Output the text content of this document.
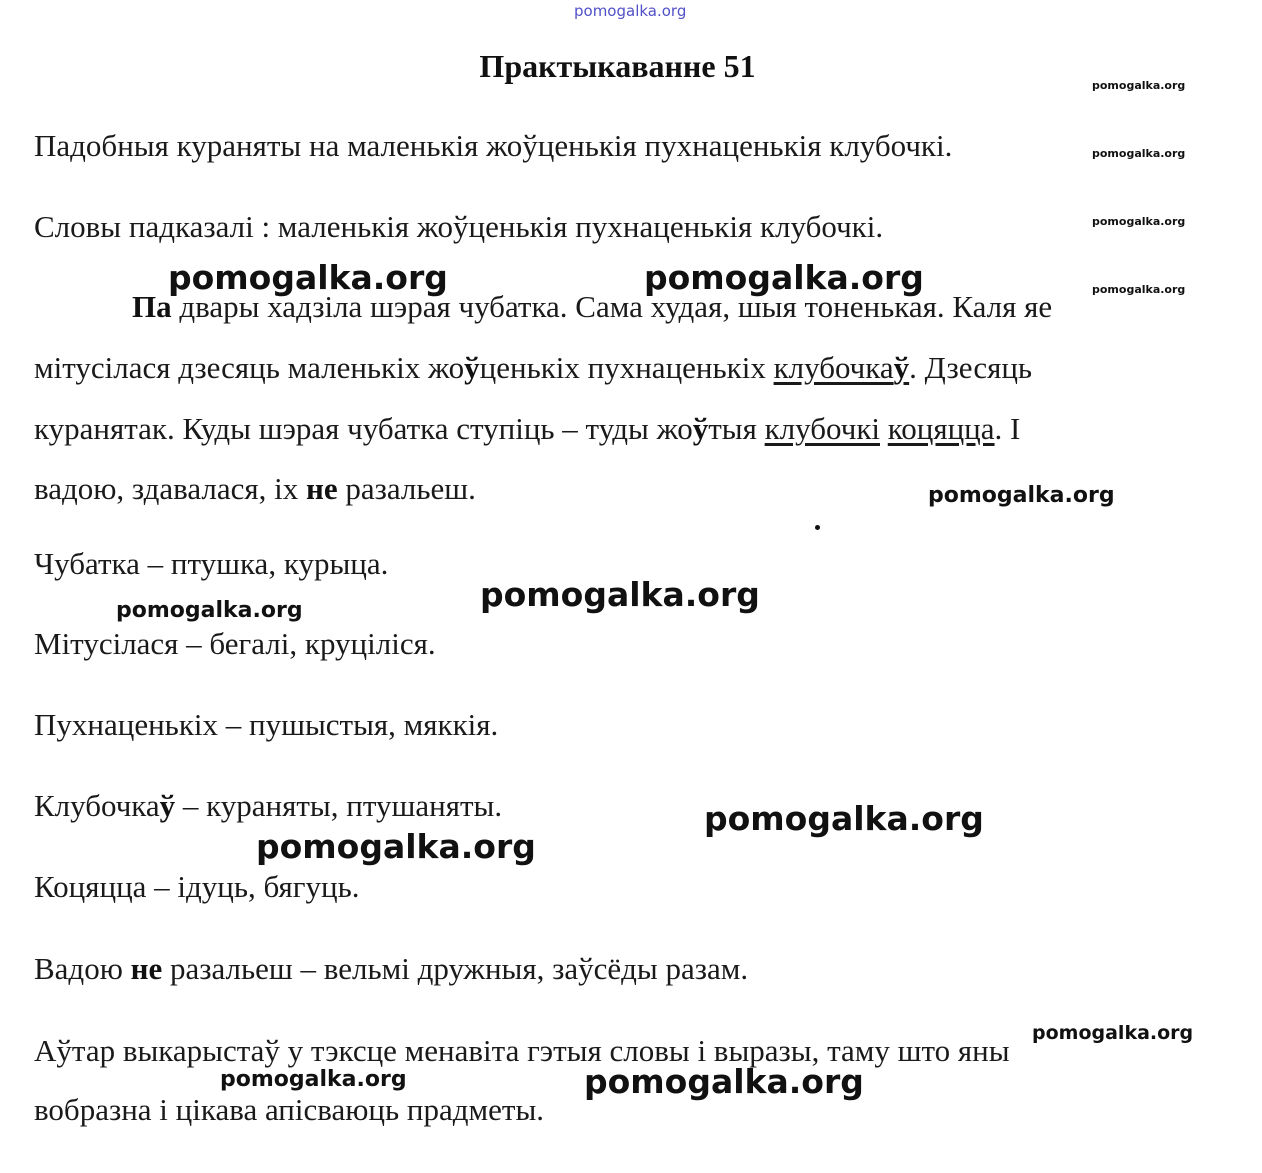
pomogalka.org
pomogalka.org
pomogalka.org
pomogalka.org
pomogalka.org
Практыкаванне 51
Падобныя кураняты на маленькія жоўценькія пухнаценькія клубочкі.
Словы падказалі : маленькія жоўценькія пухнаценькія клубочкі.
Па двары хадзіла шэрая чубатка. Сама худая, шыя тоненькая. Каля яе
мітусілася дзесяць маленькіх жоўценькіх пухнаценькіх клубочкаў. Дзесяць
куранятак. Куды шэрая чубатка ступіць – туды жоўтыя клубочкі коцяцца. І
вадою, здавалася, іх не разальеш.
Чубатка – птушка, курыца.
Мітусілася – бегалі, круціліся.
Пухнаценькіх – пушыстыя, мяккія.
Клубочкаў – кураняты, птушаняты.
Коцяцца – ідуць, бягуць.
Вадою не разальеш – вельмі дружныя, заўсёды разам.
Аўтар выкарыстаў у тэксце менавіта гэтыя словы і выразы, таму што яны
вобразна і цікава апісваюць прадметы.
pomogalka.org	pomogalka.org
pomogalka.org
pomogalka.org
pomogalka.org
pomogalka.org
pomogalka.org
pomogalka.org
pomogalka.org	pomogalka.org
